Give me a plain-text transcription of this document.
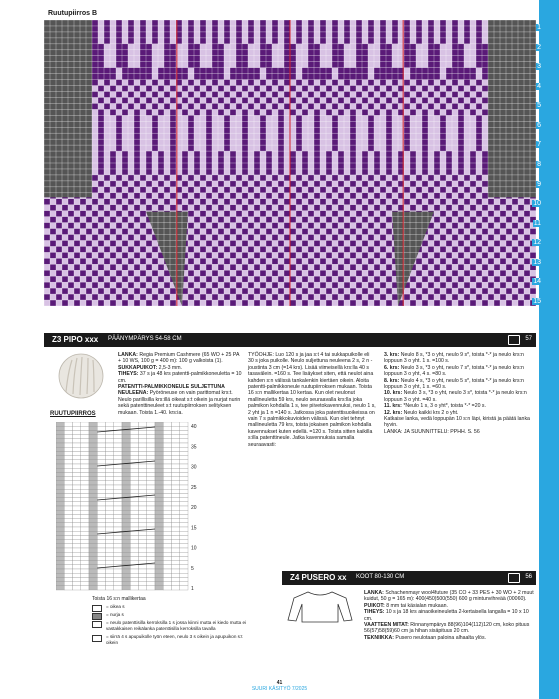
Ruutupiirros B
1
2
3
4
5
6
7
8
9
10
11
12
13
14
15
Z3 PIPO xxx PÄÄNYMPÄRYS 54-58 CM	57

LANKA: Regia Premium Cashmere (65 WO + 25 PA + 10 WS, 100 g = 400 m): 100 g valkoista (1).

SUKKAPUIKOT: 2,5-3 mm.

TIHEYS: 37 s ja 48 krs patentti-palmikkoneuletta = 10 cm.

PATENTTI-PALMIKKONEULE SULJETTUNA NEULEENA: Pyöröneuse on vain parittomat krs:t. Neulo parillisilla krs:illä oikeat s:t oikein ja nurjat nurin sekä patenttineuleet s:t ruutupiirroksen selityksen mukaan. Toista 1.-40. krs:ia.

TYÖOHJE: Luo 120 s ja jaa s:t 4 tai sukkapuikolle eli 30 s joka puikolle. Neulo suljettuna neuleena 2 s, 2 n -joustinta 3 cm (=14 krs). Lisää viimeisellä krs:lla 40 s tasavälein. =160 s. Tee lisäykset siten, että neulot aina kahden s:n välissä tankalenkin kiertäen oikein. Aloita patentti-palmikkoneule ruutupiirroksen mukaan. Toista 16 s:n mallikertaa 10 kertaa. Kun olet neulonut mallineuletta 59 krs, neulo seuraavalla krs:lla joka palmikon kohdalla 1 s, tee piivetokavennuksi, neulo 1 s, 2 yht ja 1 n =140 s. Jatkossa joka patenttisuoikeissa on vain 7 s palmikkokuvioiden välissä. Kun olet tehnyt mallineuletta 79 krs, toista jokaisen palmikon kohdalla kavennukset kuten edellä. =120 s. Toista sitten kaikilla s:illa patenttineule. Jatka kavennuksia samalla seuraavasti:

3. krs: Neulo 8 s, *3 o yht, neulo 9 s*, toista *-* ja neulo krs:n loppuun 3 o yht. 1 s. =100 s.

6. krs: Neulo 3 s, *3 o yht, neulo 7 s*, toista *-* ja neulo krs:n loppuun 3 o yht, 4 s. =80 s.

8. krs: Neulo 4 s, *3 o yht, neulo 5 s*, toista *-* ja neulo krs:n loppuun 3 o yht, 1 s. =60 s.

10. krs: Neulo 3 s, *3 o yht, neulo 3 s*, toista *-* ja neulo krs:n loppuun 3 o yht. =40 s.

11. krs: *Neulo 1 s, 3 o yht*, toista *-* =20 s.

12. krs: Neulo kaikki krs 2 o yht.

Katkaise lanka, vedä loppupän 10 s:n läpi, kiristä ja päätä lanka hyvin.

LANKA: JA SUUNNITTELU: PPHH. S. 56

RUUTUPIIRROS
40
35
30
25
20
15
10
5
1
Toista 16 s:n mallikertaa
= oikea s
= nurja s
= neulo patenttisilla kerroksilla 1 s jossa kiinni mutta ei kiedo mutta ei vastakkaisen reikälanka patenttisilla kerroksilla tavalla
= siirrä 4 s apupuikolle työn eteen, neulo 3 s oikein ja apupuikon s:t oikein
Z4 PUSERO xx KOOT 80-130 CM	56

LANKA: Schachenmayr wool4future (35 CO + 33 PES + 30 WO + 2 muut kuidut, 50 g = 165 m): 400(450)500(550) 600 g mintunvihreää (00060).

PUIKOT: 8 mm tai käsialan mukaan.

TIHEYS: 10 s ja 18 krs ainaoikeineuletta 2-kertaisella langalla = 10 x 10 cm.

VAATTEEN MITAT: Rinnanympärys 88(96)104(112)120 cm, koko pituus 56(57)58(59)60 cm ja hihan sisäpituus 20 cm.

TEKNIIKKA: Pusero neulotaan paloina alhaalta ylös.

41
SUURI KÄSITYÖ 7/2025
